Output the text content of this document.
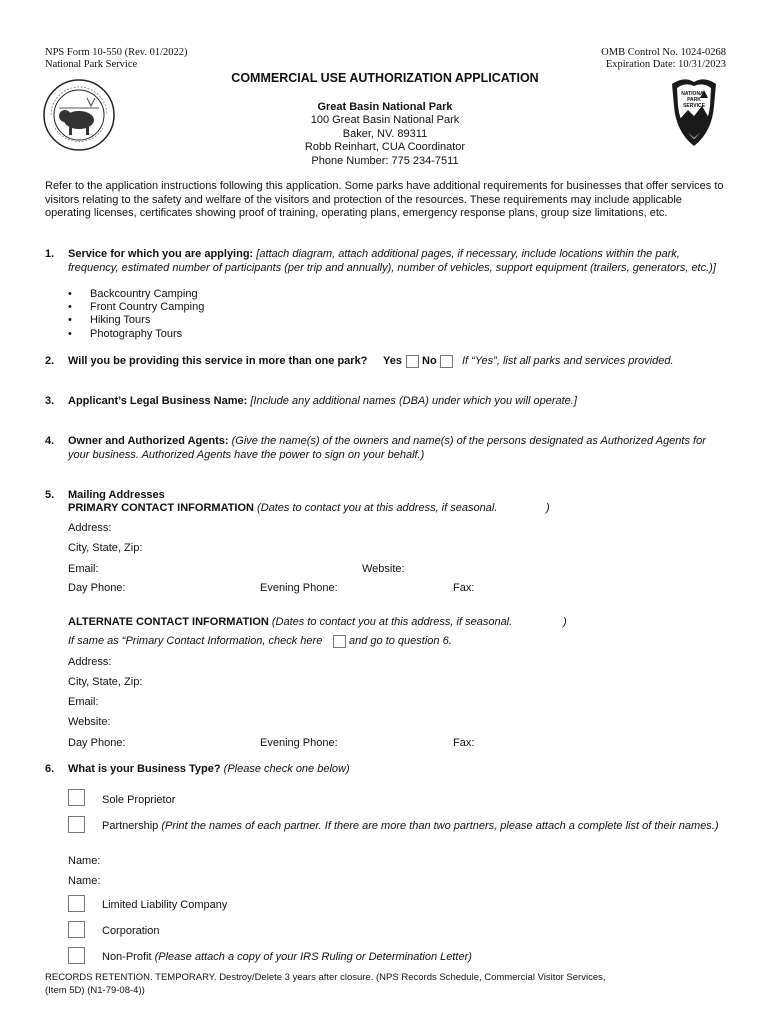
NPS Form 10-550 (Rev. 01/2022)
National Park Service
OMB Control No. 1024-0268
Expiration Date: 10/31/2023
COMMERCIAL USE AUTHORIZATION APPLICATION
Great Basin National Park
100 Great Basin National Park
Baker, NV. 89311
Robb Reinhart, CUA Coordinator
Phone Number: 775 234-7511
NATIONAL
PARK
SERVICE
Refer to the application instructions following this application. Some parks have additional requirements for businesses that offer services to visitors relating to the safety and welfare of the visitors and protection of the resources. These requirements may include applicable operating licenses, certificates showing proof of training, operating plans, emergency response plans, group size limitations, etc.
1. Service for which you are applying: [attach diagram, attach additional pages, if necessary, include locations within the park, frequency, estimated number of participants (per trip and annually), number of vehicles, support equipment (trailers, generators, etc.)]
• Backcountry Camping
• Front Country Camping
• Hiking Tours
• Photography Tours
2. Will you be providing this service in more than one park? Yes No If “Yes”, list all parks and services provided.
3. Applicant’s Legal Business Name: [Include any additional names (DBA) under which you will operate.]
4. Owner and Authorized Agents: (Give the name(s) of the owners and name(s) of the persons designated as Authorized Agents for your business. Authorized Agents have the power to sign on your behalf.)
5. Mailing Addresses
PRIMARY CONTACT INFORMATION (Dates to contact you at this address, if seasonal.	)
Address:
City, State, Zip:
Email:	Website:
Day Phone:	Evening Phone:	Fax:
ALTERNATE CONTACT INFORMATION (Dates to contact you at this address, if seasonal.	)
If same as “Primary Contact Information, check here and go to question 6.
Address:
City, State, Zip:
Email:
Website:
Day Phone:	Evening Phone:	Fax:
6. What is your Business Type? (Please check one below)
Sole Proprietor
Partnership (Print the names of each partner. If there are more than two partners, please attach a complete list of their names.)
Name:
Name:
Limited Liability Company
Corporation
Non-Profit (Please attach a copy of your IRS Ruling or Determination Letter)
RECORDS RETENTION. TEMPORARY. Destroy/Delete 3 years after closure. (NPS Records Schedule, Commercial Visitor Services,
(Item 5D) (N1-79-08-4))
